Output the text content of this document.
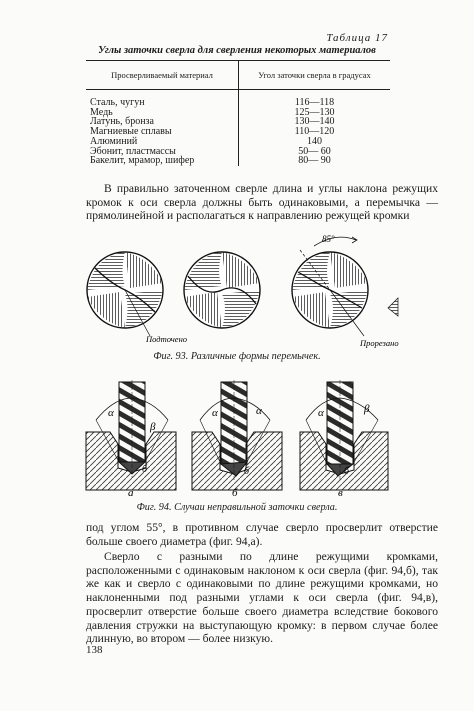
Таблица 17
Углы заточки сверла для сверления некоторых материалов
Просверливаемый материал	Угол заточки сверла в градусах

Сталь, чугун	116—118
Медь	125—130
Латунь, бронза	130—140
Магниевые сплавы	110—120
Алюминий	140
Эбонит, пластмассы	50— 60
Бакелит, мрамор, шифер	80— 90

В правильно заточенном сверле длина и углы наклона режущих кромок к оси сверла должны быть одинаковыми, а перемычка — прямолинейной и располагаться к направлению режущей кромки

85°
Подточено	Прорезано
Фиг. 93. Различные формы перемычек.
α
β
б
α	α
б
α	β
б
а	б	в
Фиг. 94. Случаи неправильной заточки сверла.

под углом 55°, в противном случае сверло просверлит отверстие больше своего диаметра (фиг. 94,а).

Сверло с разными по длине режущими кромками, расположенными с одинаковым наклоном к оси сверла (фиг. 94,б), так же как и сверло с одинаковыми по длине режущими кромками, но наклоненными под разными углами к оси сверла (фиг. 94,в), просверлит отверстие больше своего диаметра вследствие бокового давления стружки на выступающую кромку: в первом случае более длинную, во втором — более низкую.

138
